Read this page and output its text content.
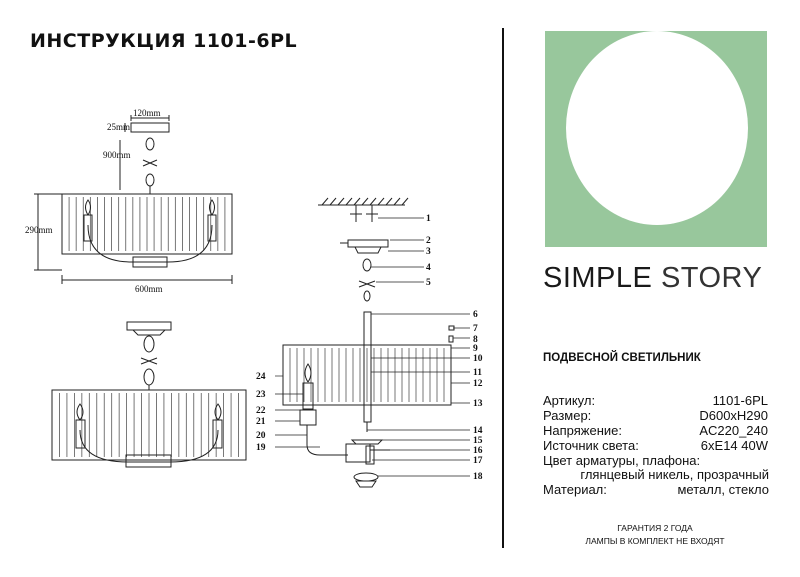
ИНСТРУКЦИЯ 1101-6PL
120mm
25mm
900mm
290mm
600mm
1
2
3
4
5
6
7
8
9
10
11
12
13
14
15
16
17
18
19
20
21
22
23
24
SIMPLE STORY
ПОДВЕСНОЙ СВЕТИЛЬНИК
Артикул:	1101-6PL
Размер:	D600xH290
Напряжение:	AC220_240
Источник света:	6xE14 40W
Цвет арматуры, плафона:
глянцевый никель, прозрачный
Материал:	металл, стекло
ГАРАНТИЯ 2 ГОДА
ЛАМПЫ В КОМПЛЕКТ НЕ ВХОДЯТ
